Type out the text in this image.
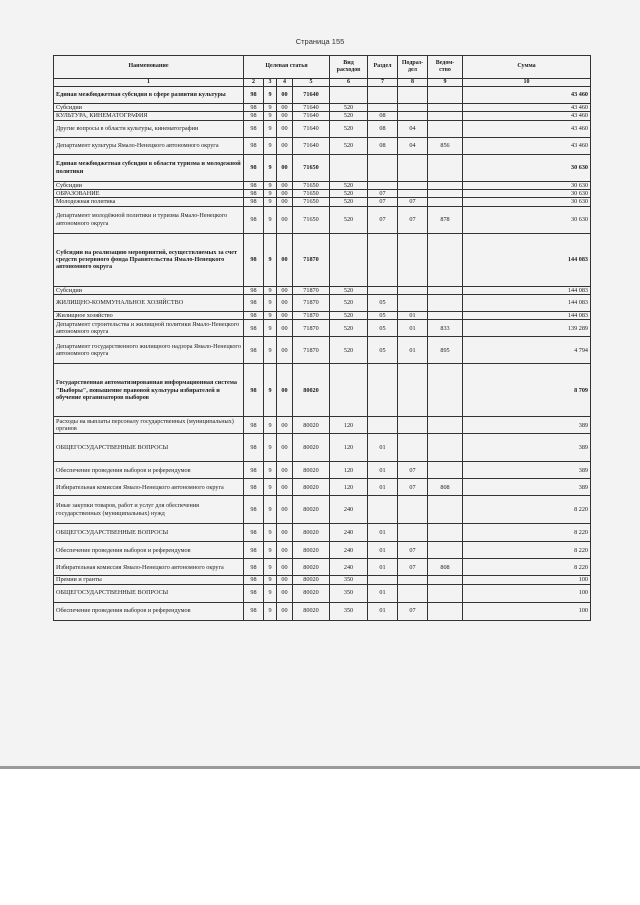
Страница 155
Наименование	Целевая статья				Вид расходов	Раздел	Подраз-дел	Ведом-ство	Сумма
1	2	3	4	5	6	7	8	9	10
Единая межбюджетная субсидия в сфере развития культуры	98	9	00	71640					43 460
Субсидии	98	9	00	71640	520				43 460
КУЛЬТУРА, КИНЕМАТОГРАФИЯ	98	9	00	71640	520	08			43 460
Другие вопросы в области культуры, кинематографии	98	9	00	71640	520	08	04		43 460
Департамент культуры Ямало-Ненецкого автономного округа	98	9	00	71640	520	08	04	856	43 460
Единая межбюджетная субсидия в области туризма и молодежной политики	98	9	00	71650					30 630
Субсидии	98	9	00	71650	520				30 630
ОБРАЗОВАНИЕ	98	9	00	71650	520	07			30 630
Молодежная политика	98	9	00	71650	520	07	07		30 630
Департамент молодёжной политики и туризма Ямало-Ненецкого автономного округа	98	9	00	71650	520	07	07	878	30 630
Субсидии на реализацию мероприятий, осуществляемых за счет средств резервного фонда Правительства Ямало-Ненецкого автономного округа	98	9	00	71870					144 083
Субсидии	98	9	00	71870	520				144 083
ЖИЛИЩНО-КОММУНАЛЬНОЕ ХОЗЯЙСТВО	98	9	00	71870	520	05			144 083
Жилищное хозяйство	98	9	00	71870	520	05	01		144 083
Департамент строительства и жилищной политики Ямало-Ненецкого автономного округа	98	9	00	71870	520	05	01	833	139 289
Департамент государственного жилищного надзора Ямало-Ненецкого автономного округа	98	9	00	71870	520	05	01	895	4 794
Государственная автоматизированная информационная система "Выборы", повышение правовой культуры избирателей и обучение организаторов выборов	98	9	00	80020					8 709
Расходы на выплаты персоналу государственных (муниципальных) органов	98	9	00	80020	120				389
ОБЩЕГОСУДАРСТВЕННЫЕ ВОПРОСЫ	98	9	00	80020	120	01			389
Обеспечение проведения выборов и референдумов	98	9	00	80020	120	01	07		389
Избирательная комиссия Ямало-Ненецкого автономного округа	98	9	00	80020	120	01	07	808	389
Иные закупки товаров, работ и услуг для обеспечения государственных (муниципальных) нужд	98	9	00	80020	240				8 220
ОБЩЕГОСУДАРСТВЕННЫЕ ВОПРОСЫ	98	9	00	80020	240	01			8 220
Обеспечение проведения выборов и референдумов	98	9	00	80020	240	01	07		8 220
Избирательная комиссия Ямало-Ненецкого автономного округа	98	9	00	80020	240	01	07	808	8 220
Премии и гранты	98	9	00	80020	350				100
ОБЩЕГОСУДАРСТВЕННЫЕ ВОПРОСЫ	98	9	00	80020	350	01			100
Обеспечение проведения выборов и референдумов	98	9	00	80020	350	01	07		100
